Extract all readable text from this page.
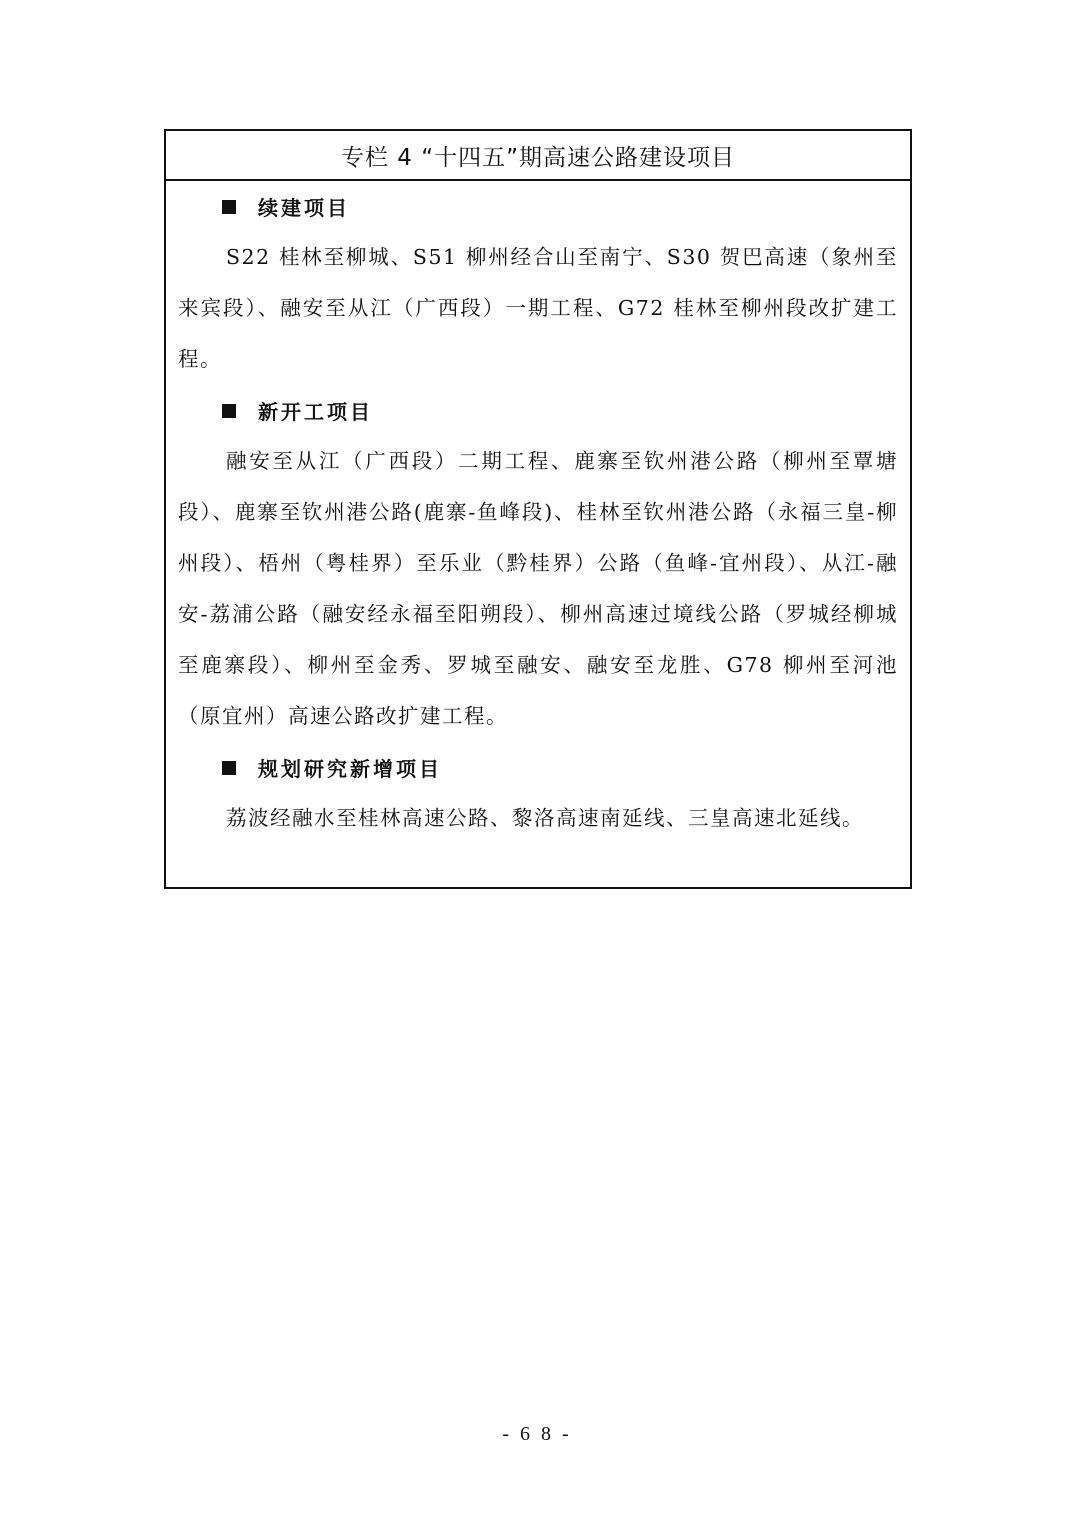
专栏 4 “十四五”期高速公路建设项目
续建项目

S22 桂林至柳城、S51 柳州经合山至南宁、S30 贺巴高速（象州至来宾段）、融安至从江（广西段）一期工程、G72 桂林至柳州段改扩建工程。

新开工项目

融安至从江（广西段）二期工程、鹿寨至钦州港公路（柳州至覃塘段）、鹿寨至钦州港公路(鹿寨-鱼峰段)、桂林至钦州港公路（永福三皇-柳州段）、梧州（粤桂界）至乐业（黔桂界）公路（鱼峰-宜州段）、从江-融安-荔浦公路（融安经永福至阳朔段）、柳州高速过境线公路（罗城经柳城至鹿寨段）、柳州至金秀、罗城至融安、融安至龙胜、G78 柳州至河池（原宜州）高速公路改扩建工程。

规划研究新增项目

荔波经融水至桂林高速公路、黎洛高速南延线、三皇高速北延线。

- 6 8 -
